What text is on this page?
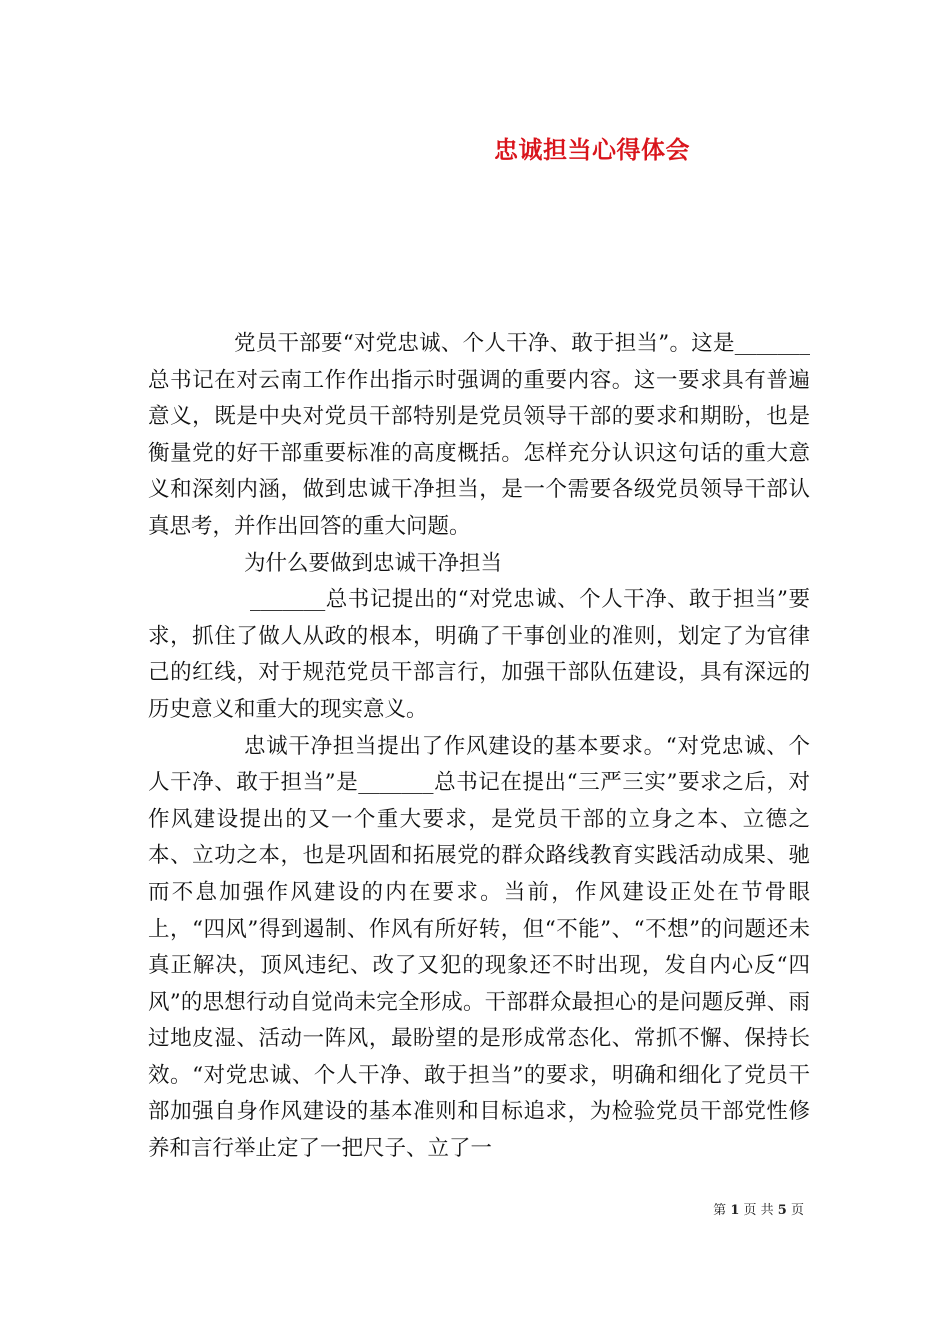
忠诚担当心得体会

党员干部要“对党忠诚、个人干净、敢于担当”。这是_______总书记在对云南工作作出指示时强调的重要内容。这一要求具有普遍意义，既是中央对党员干部特别是党员领导干部的要求和期盼，也是衡量党的好干部重要标准的高度概括。怎样充分认识这句话的重大意义和深刻内涵，做到忠诚干净担当，是一个需要各级党员领导干部认真思考，并作出回答的重大问题。

为什么要做到忠诚干净担当

_______总书记提出的“对党忠诚、个人干净、敢于担当”要求，抓住了做人从政的根本，明确了干事创业的准则，划定了为官律己的红线，对于规范党员干部言行，加强干部队伍建设，具有深远的历史意义和重大的现实意义。

忠诚干净担当提出了作风建设的基本要求。“对党忠诚、个人干净、敢于担当”是_______总书记在提出“三严三实”要求之后，对作风建设提出的又一个重大要求，是党员干部的立身之本、立德之本、立功之本，也是巩固和拓展党的群众路线教育实践活动成果、驰而不息加强作风建设的内在要求。当前，作风建设正处在节骨眼上，“四风”得到遏制、作风有所好转，但“不能”、“不想”的问题还未真正解决，顶风违纪、改了又犯的现象还不时出现，发自内心反“四风”的思想行动自觉尚未完全形成。干部群众最担心的是问题反弹、雨过地皮湿、活动一阵风，最盼望的是形成常态化、常抓不懈、保持长效。“对党忠诚、个人干净、敢于担当”的要求，明确和细化了党员干部加强自身作风建设的基本准则和目标追求，为检验党员干部党性修养和言行举止定了一把尺子、立了一

第 1 页 共 5 页
